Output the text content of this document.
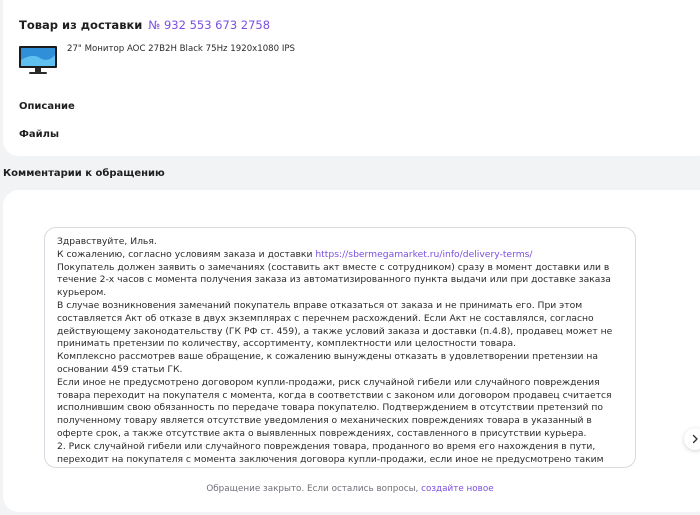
Товар из доставки № 932 553 673 2758
27" Монитор AOC 27B2H Black 75Hz 1920x1080 IPS
Описание
Файлы
Комментарии к обращению

Здравствуйте, Илья.

К сожалению, согласно условиям заказа и доставки https://sbermegamarket.ru/info/delivery-terms/

Покупатель должен заявить о замечаниях (составить акт вместе с сотрудником) сразу в момент доставки или в течение 2-х часов с момента получения заказа из автоматизированного пункта выдачи или при доставке заказа курьером.

В случае возникновения замечаний покупатель вправе отказаться от заказа и не принимать его. При этом составляется Акт об отказе в двух экземплярах с перечнем расхождений. Если Акт не составлялся, согласно действующему законодательству (ГК РФ ст. 459), а также условий заказа и доставки (п.4.8), продавец может не принимать претензии по количеству, ассортименту, комплектности или целостности товара.

Комплексно рассмотрев ваше обращение, к сожалению вынуждены отказать в удовлетворении претензии на основании 459 статьи ГК.

Если иное не предусмотрено договором купли-продажи, риск случайной гибели или случайного повреждения товара переходит на покупателя с момента, когда в соответствии с законом или договором продавец считается исполнившим свою обязанность по передаче товара покупателю. Подтверждением в отсутствии претензий по полученному товару является отсутствие уведомления о механических повреждениях товара в указанный в оферте срок, а также отсутствие акта о выявленных повреждениях, составленного в присутствии курьера.

2. Риск случайной гибели или случайного повреждения товара, проданного во время его нахождения в пути, переходит на покупателя с момента заключения договора купли-продажи, если иное не предусмотрено таким

Обращение закрыто. Если остались вопросы, создайте новое
